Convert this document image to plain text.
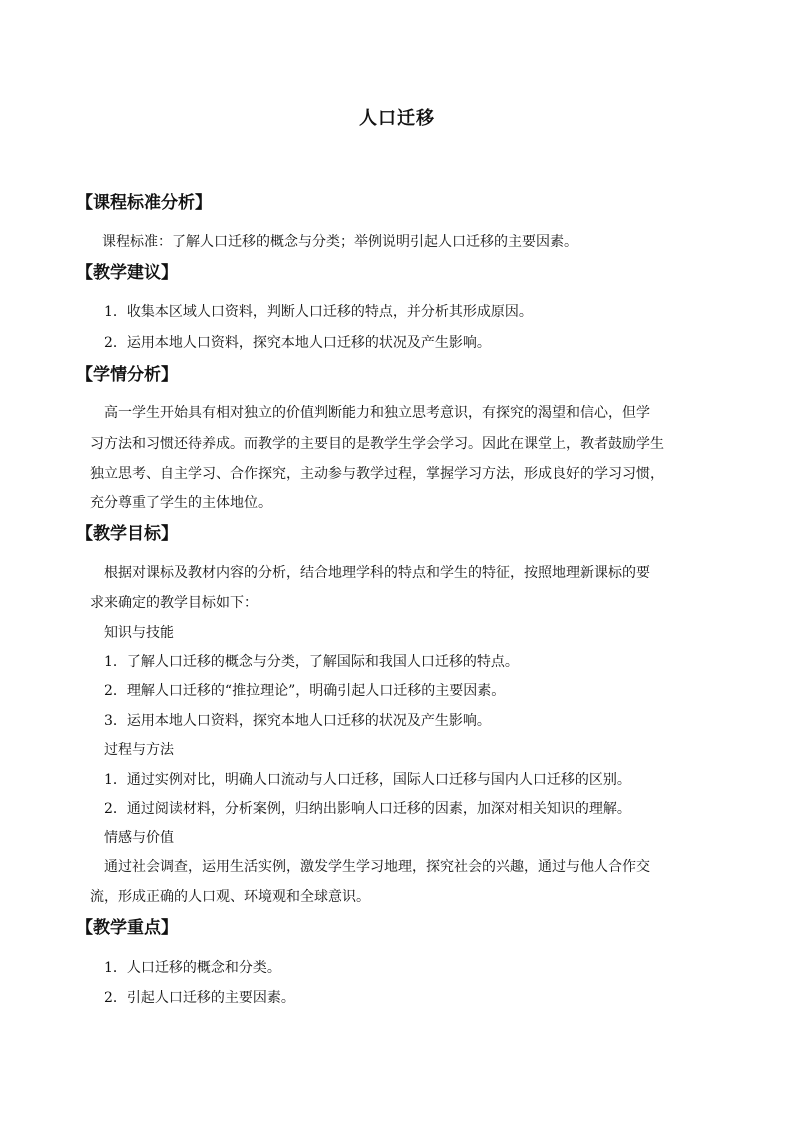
人口迁移
【课程标准分析】
课程标准：了解人口迁移的概念与分类；举例说明引起人口迁移的主要因素。
【教学建议】
1．收集本区域人口资料，判断人口迁移的特点，并分析其形成原因。
2．运用本地人口资料，探究本地人口迁移的状况及产生影响。
【学情分析】
高一学生开始具有相对独立的价值判断能力和独立思考意识，有探究的渴望和信心，但学
习方法和习惯还待养成。而教学的主要目的是教学生学会学习。因此在课堂上，教者鼓励学生
独立思考、自主学习、合作探究，主动参与教学过程，掌握学习方法，形成良好的学习习惯，
充分尊重了学生的主体地位。
【教学目标】
根据对课标及教材内容的分析，结合地理学科的特点和学生的特征，按照地理新课标的要
求来确定的教学目标如下：
知识与技能
1．了解人口迁移的概念与分类，了解国际和我国人口迁移的特点。
2．理解人口迁移的“推拉理论”，明确引起人口迁移的主要因素。
3．运用本地人口资料，探究本地人口迁移的状况及产生影响。
过程与方法
1．通过实例对比，明确人口流动与人口迁移，国际人口迁移与国内人口迁移的区别。
2．通过阅读材料，分析案例，归纳出影响人口迁移的因素，加深对相关知识的理解。
情感与价值
通过社会调查，运用生活实例，激发学生学习地理，探究社会的兴趣，通过与他人合作交
流，形成正确的人口观、环境观和全球意识。
【教学重点】
1．人口迁移的概念和分类。
2．引起人口迁移的主要因素。
